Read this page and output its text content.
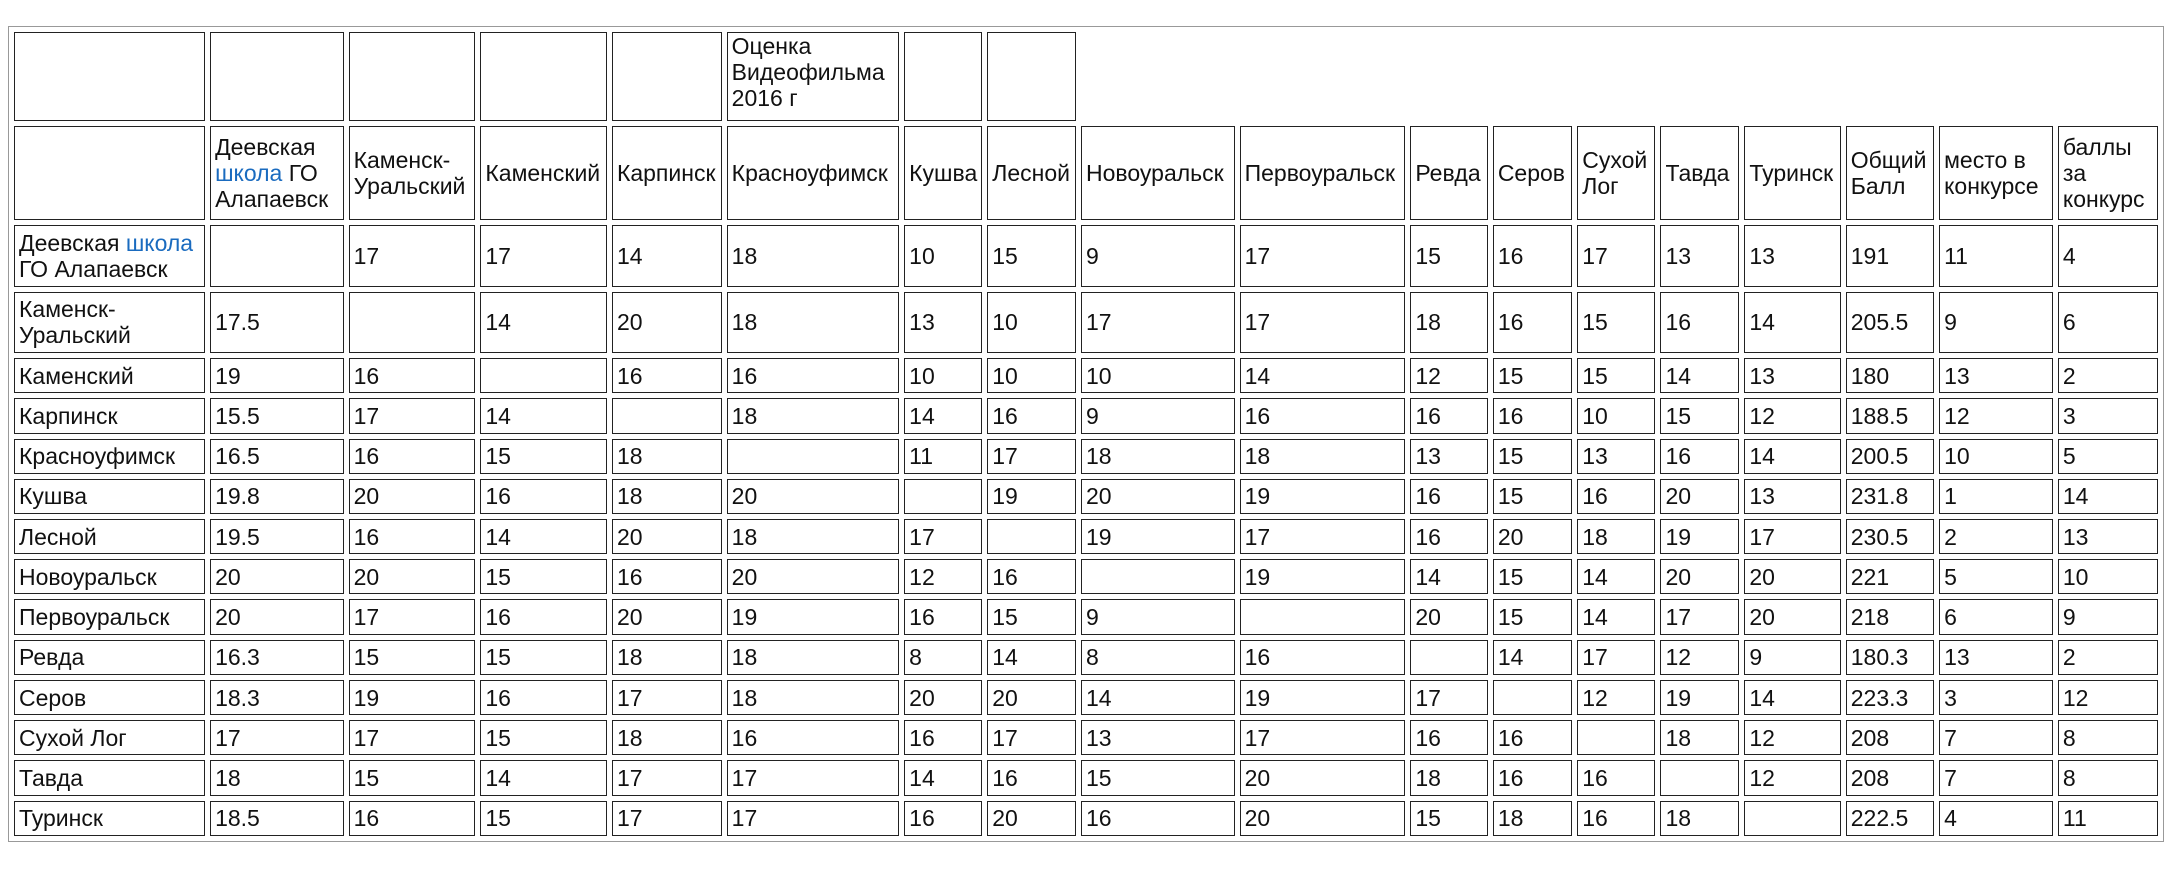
					Оценка Видеофильма 2016 г												
	Деевская школа ГО Алапаевск	Каменск-Уральский	Каменский	Карпинск	Красноуфимск	Кушва	Лесной	Новоуральск	Первоуральск	Ревда	Серов	Сухой Лог	Тавда	Туринск	Общий Балл	место в конкурсе	баллы за конкурс
Деевская школа ГО Алапаевск		17	17	14	18	10	15	9	17	15	16	17	13	13	191	11	4
Каменск-Уральский	17.5		14	20	18	13	10	17	17	18	16	15	16	14	205.5	9	6
Каменский	19	16		16	16	10	10	10	14	12	15	15	14	13	180	13	2
Карпинск	15.5	17	14		18	14	16	9	16	16	16	10	15	12	188.5	12	3
Красноуфимск	16.5	16	15	18		11	17	18	18	13	15	13	16	14	200.5	10	5
Кушва	19.8	20	16	18	20		19	20	19	16	15	16	20	13	231.8	1	14
Лесной	19.5	16	14	20	18	17		19	17	16	20	18	19	17	230.5	2	13
Новоуральск	20	20	15	16	20	12	16		19	14	15	14	20	20	221	5	10
Первоуральск	20	17	16	20	19	16	15	9		20	15	14	17	20	218	6	9
Ревда	16.3	15	15	18	18	8	14	8	16		14	17	12	9	180.3	13	2
Серов	18.3	19	16	17	18	20	20	14	19	17		12	19	14	223.3	3	12
Сухой Лог	17	17	15	18	16	16	17	13	17	16	16		18	12	208	7	8
Тавда	18	15	14	17	17	14	16	15	20	18	16	16		12	208	7	8
Туринск	18.5	16	15	17	17	16	20	16	20	15	18	16	18		222.5	4	11
